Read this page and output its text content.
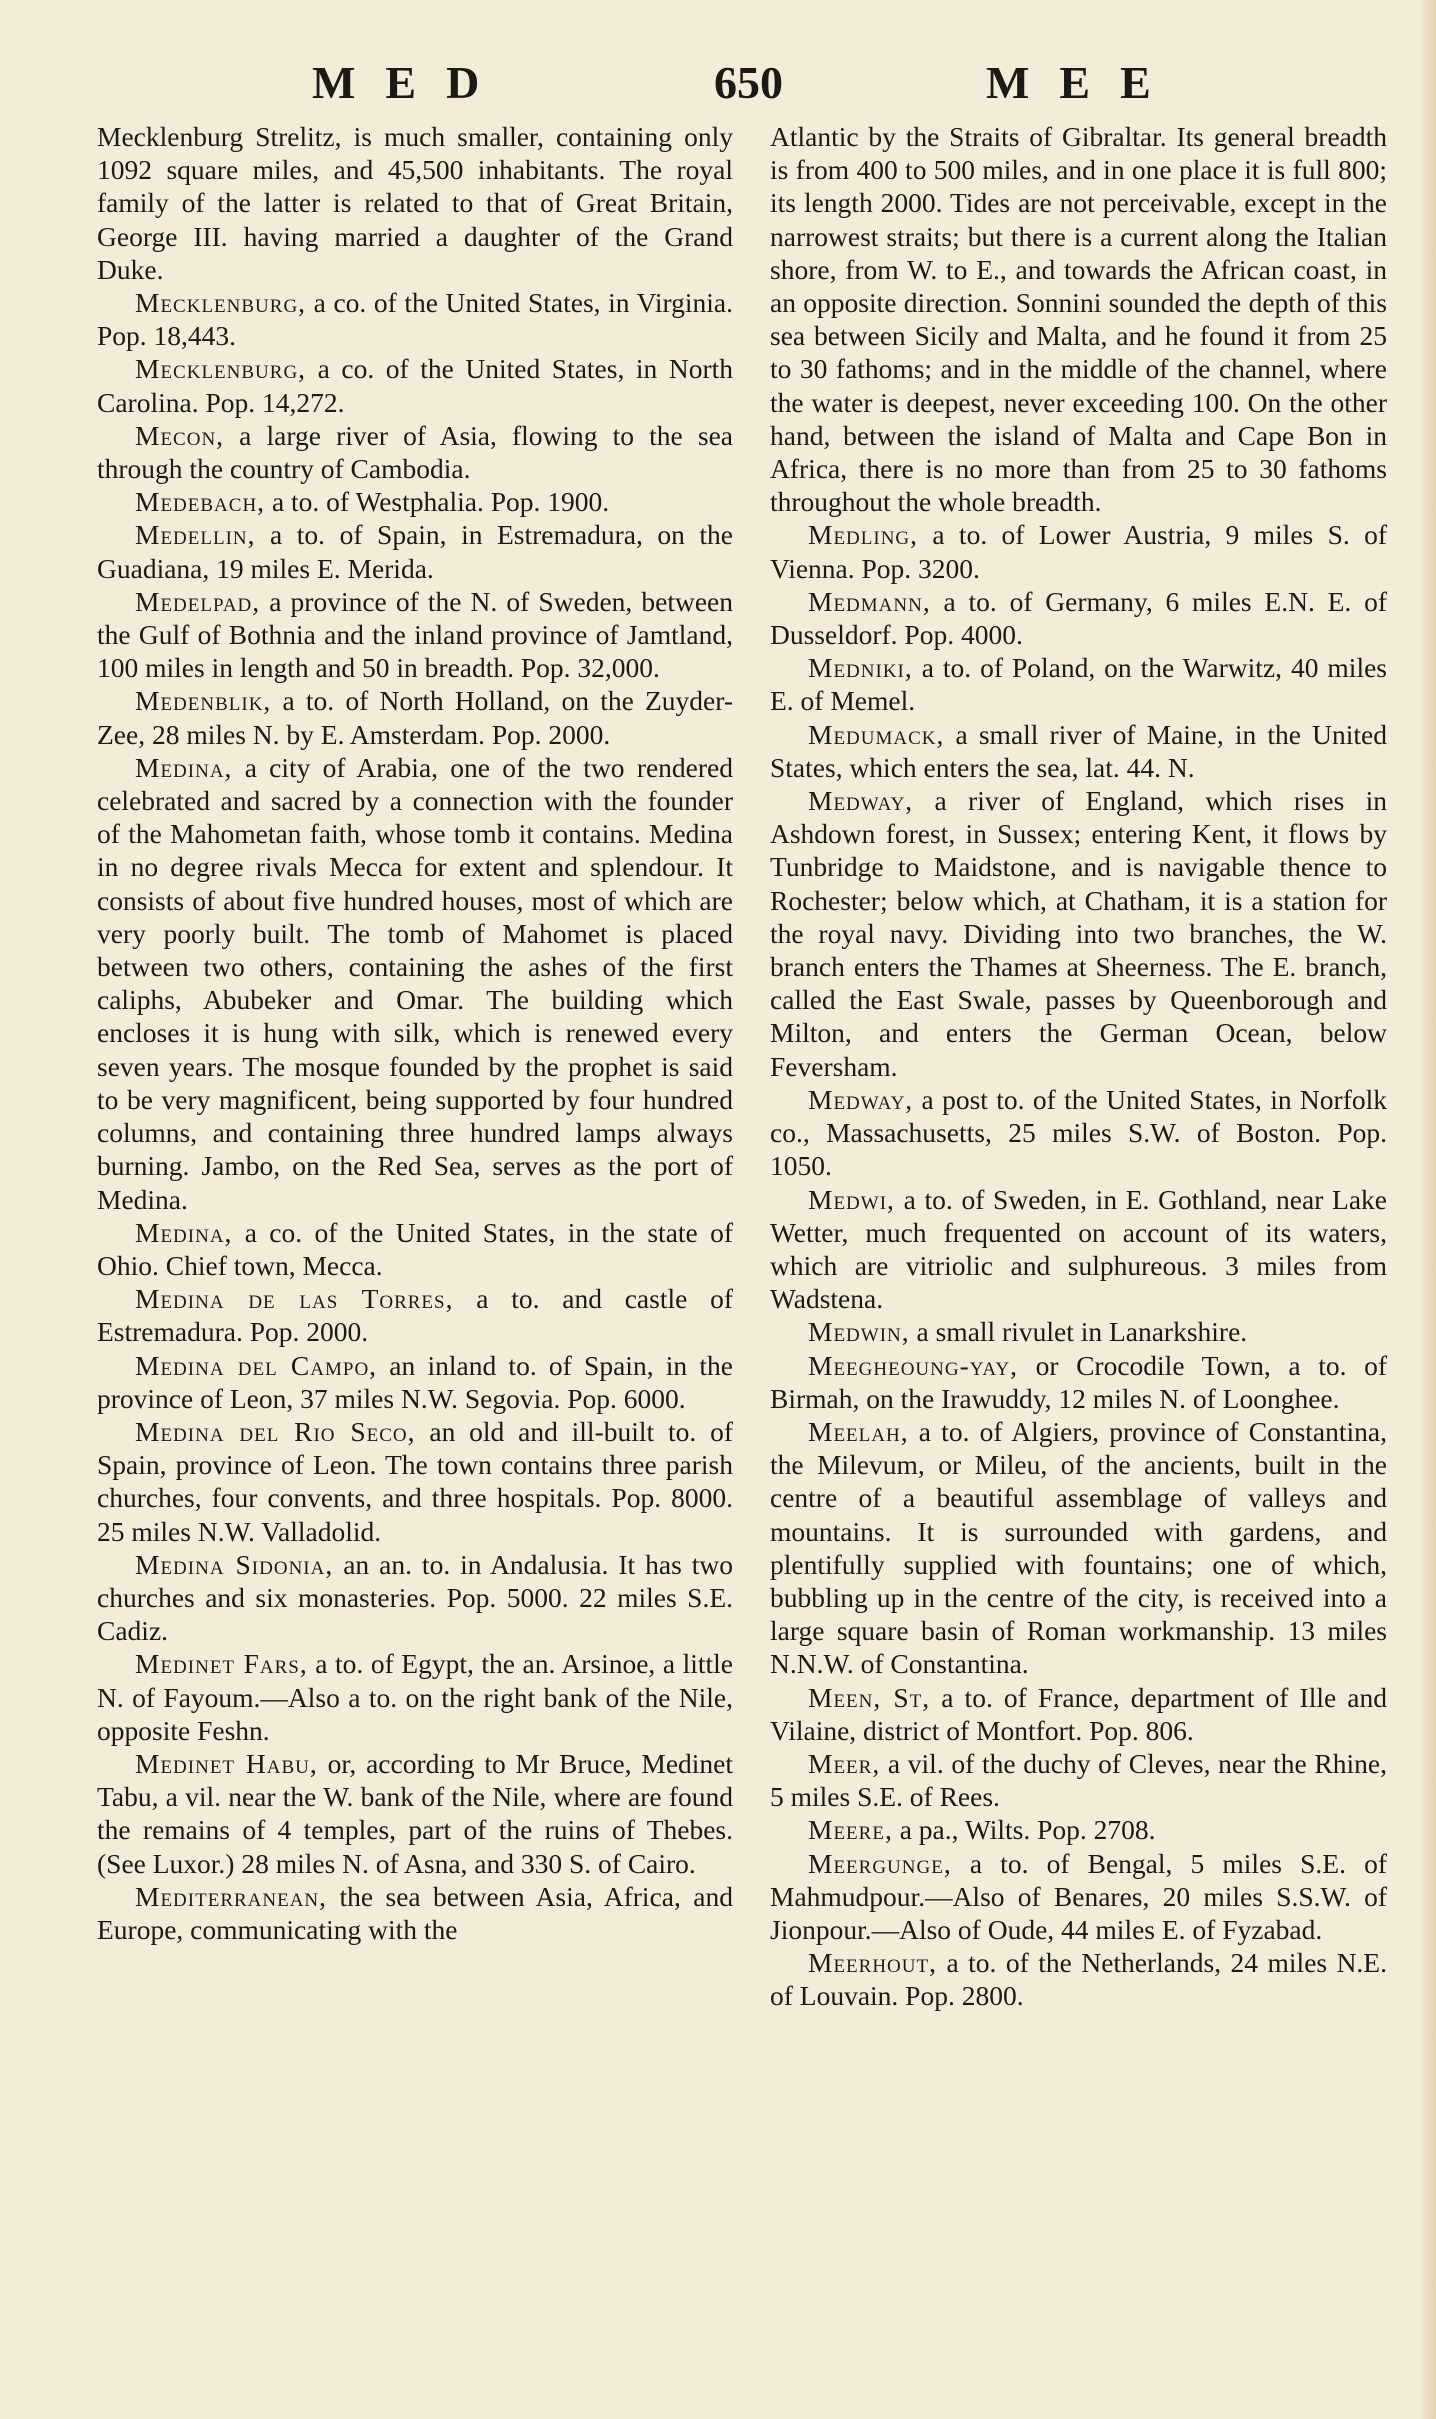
MED	650	MEE

Mecklenburg Strelitz, is much smaller, containing only 1092 square miles, and 45,500 inhabitants. The royal family of the latter is related to that of Great Britain, George III. having married a daughter of the Grand Duke.

Mecklenburg, a co. of the United States, in Virginia. Pop. 18,443.

Mecklenburg, a co. of the United States, in North Carolina. Pop. 14,272.

Mecon, a large river of Asia, flowing to the sea through the country of Cambodia.

Medebach, a to. of Westphalia. Pop. 1900.

Medellin, a to. of Spain, in Estremadura, on the Guadiana, 19 miles E. Merida.

Medelpad, a province of the N. of Sweden, between the Gulf of Bothnia and the inland province of Jamtland, 100 miles in length and 50 in breadth. Pop. 32,000.

Medenblik, a to. of North Holland, on the Zuyder-Zee, 28 miles N. by E. Amsterdam. Pop. 2000.

Medina, a city of Arabia, one of the two rendered celebrated and sacred by a connection with the founder of the Mahometan faith, whose tomb it contains. Medina in no degree rivals Mecca for extent and splendour. It consists of about five hundred houses, most of which are very poorly built. The tomb of Mahomet is placed between two others, containing the ashes of the first caliphs, Abubeker and Omar. The building which encloses it is hung with silk, which is renewed every seven years. The mosque founded by the prophet is said to be very magnificent, being supported by four hundred columns, and containing three hundred lamps always burning. Jambo, on the Red Sea, serves as the port of Medina.

Medina, a co. of the United States, in the state of Ohio. Chief town, Mecca.

Medina de las Torres, a to. and castle of Estremadura. Pop. 2000.

Medina del Campo, an inland to. of Spain, in the province of Leon, 37 miles N.W. Segovia. Pop. 6000.

Medina del Rio Seco, an old and ill-built to. of Spain, province of Leon. The town contains three parish churches, four convents, and three hospitals. Pop. 8000. 25 miles N.W. Valladolid.

Medina Sidonia, an an. to. in Andalusia. It has two churches and six monasteries. Pop. 5000. 22 miles S.E. Cadiz.

Medinet Fars, a to. of Egypt, the an. Arsinoe, a little N. of Fayoum.—Also a to. on the right bank of the Nile, opposite Feshn.

Medinet Habu, or, according to Mr Bruce, Medinet Tabu, a vil. near the W. bank of the Nile, where are found the remains of 4 temples, part of the ruins of Thebes. (See Luxor.) 28 miles N. of Asna, and 330 S. of Cairo.

Mediterranean, the sea between Asia, Africa, and Europe, communicating with the

Atlantic by the Straits of Gibraltar. Its general breadth is from 400 to 500 miles, and in one place it is full 800; its length 2000. Tides are not perceivable, except in the narrowest straits; but there is a current along the Italian shore, from W. to E., and towards the African coast, in an opposite direction. Sonnini sounded the depth of this sea between Sicily and Malta, and he found it from 25 to 30 fathoms; and in the middle of the channel, where the water is deepest, never exceeding 100. On the other hand, between the island of Malta and Cape Bon in Africa, there is no more than from 25 to 30 fathoms throughout the whole breadth.

Medling, a to. of Lower Austria, 9 miles S. of Vienna. Pop. 3200.

Medmann, a to. of Germany, 6 miles E.N. E. of Dusseldorf. Pop. 4000.

Medniki, a to. of Poland, on the Warwitz, 40 miles E. of Memel.

Medumack, a small river of Maine, in the United States, which enters the sea, lat. 44. N.

Medway, a river of England, which rises in Ashdown forest, in Sussex; entering Kent, it flows by Tunbridge to Maidstone, and is navigable thence to Rochester; below which, at Chatham, it is a station for the royal navy. Dividing into two branches, the W. branch enters the Thames at Sheerness. The E. branch, called the East Swale, passes by Queenborough and Milton, and enters the German Ocean, below Feversham.

Medway, a post to. of the United States, in Norfolk co., Massachusetts, 25 miles S.W. of Boston. Pop. 1050.

Medwi, a to. of Sweden, in E. Gothland, near Lake Wetter, much frequented on account of its waters, which are vitriolic and sulphureous. 3 miles from Wadstena.

Medwin, a small rivulet in Lanarkshire.

Meegheoung-yay, or Crocodile Town, a to. of Birmah, on the Irawuddy, 12 miles N. of Loonghee.

Meelah, a to. of Algiers, province of Constantina, the Milevum, or Mileu, of the ancients, built in the centre of a beautiful assemblage of valleys and mountains. It is surrounded with gardens, and plentifully supplied with fountains; one of which, bubbling up in the centre of the city, is received into a large square basin of Roman workmanship. 13 miles N.N.W. of Constantina.

Meen, St, a to. of France, department of Ille and Vilaine, district of Montfort. Pop. 806.

Meer, a vil. of the duchy of Cleves, near the Rhine, 5 miles S.E. of Rees.

Meere, a pa., Wilts. Pop. 2708.

Meergunge, a to. of Bengal, 5 miles S.E. of Mahmudpour.—Also of Benares, 20 miles S.S.W. of Jionpour.—Also of Oude, 44 miles E. of Fyzabad.

Meerhout, a to. of the Netherlands, 24 miles N.E. of Louvain. Pop. 2800.
